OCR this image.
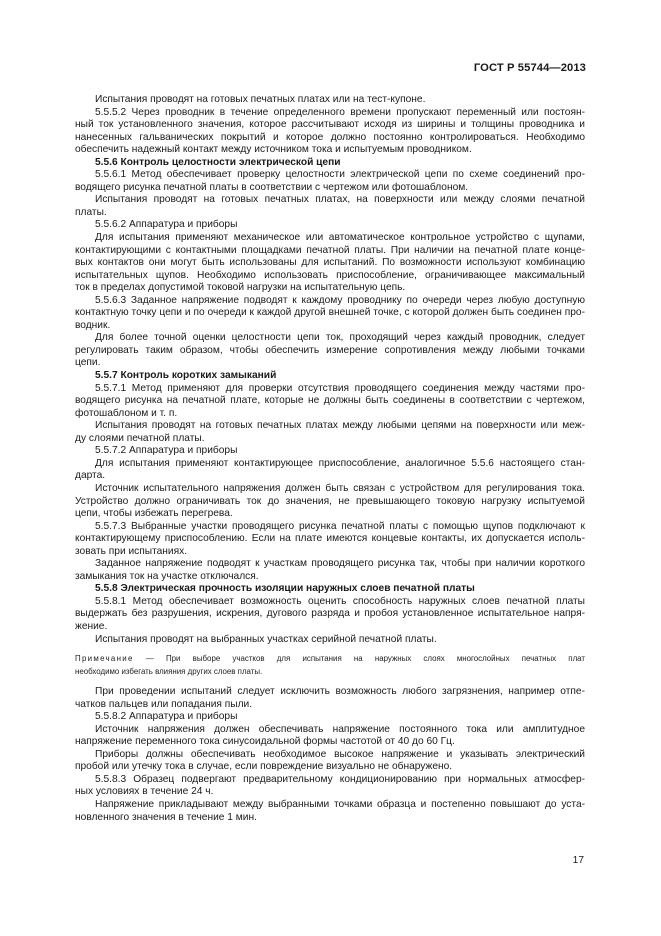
ГОСТ Р 55744—2013
Испытания проводят на готовых печатных платах или на тест-купоне.
5.5.5.2 Через проводник в течение определенного времени пропускают переменный или постоян-
ный ток установленного значения, которое рассчитывают исходя из ширины и толщины проводника и
нанесенных гальванических покрытий и которое должно постоянно контролироваться. Необходимо
обеспечить надежный контакт между источником тока и испытуемым проводником.
5.5.6 Контроль целостности электрической цепи
5.5.6.1 Метод обеспечивает проверку целостности электрической цепи по схеме соединений про-
водящего рисунка печатной платы в соответствии с чертежом или фотошаблоном.
Испытания проводят на готовых печатных платах, на поверхности или между слоями печатной
платы.
5.5.6.2 Аппаратура и приборы
Для испытания применяют механическое или автоматическое контрольное устройство с щупами,
контактирующими с контактными площадками печатной платы. При наличии на печатной плате конце-
вых контактов они могут быть использованы для испытаний. По возможности используют комбинацию
испытательных щупов. Необходимо использовать приспособление, ограничивающее максимальный
ток в пределах допустимой токовой нагрузки на испытательную цепь.
5.5.6.3 Заданное напряжение подводят к каждому проводнику по очереди через любую доступную
контактную точку цепи и по очереди к каждой другой внешней точке, с которой должен быть соединен про-
водник.
Для более точной оценки целостности цепи ток, проходящий через каждый проводник, следует
регулировать таким образом, чтобы обеспечить измерение сопротивления между любыми точками
цепи.
5.5.7 Контроль коротких замыканий
5.5.7.1 Метод применяют для проверки отсутствия проводящего соединения между частями про-
водящего рисунка на печатной плате, которые не должны быть соединены в соответствии с чертежом,
фотошаблоном и т. п.
Испытания проводят на готовых печатных платах между любыми цепями на поверхности или меж-
ду слоями печатной платы.
5.5.7.2 Аппаратура и приборы
Для испытания применяют контактирующее приспособление, аналогичное 5.5.6 настоящего стан-
дарта.
Источник испытательного напряжения должен быть связан с устройством для регулирования тока.
Устройство должно ограничивать ток до значения, не превышающего токовую нагрузку испытуемой
цепи, чтобы избежать перегрева.
5.5.7.3 Выбранные участки проводящего рисунка печатной платы с помощью щупов подключают к
контактирующему приспособлению. Если на плате имеются концевые контакты, их допускается исполь-
зовать при испытаниях.
Заданное напряжение подводят к участкам проводящего рисунка так, чтобы при наличии короткого
замыкания ток на участке отключался.
5.5.8 Электрическая прочность изоляции наружных слоев печатной платы
5.5.8.1 Метод обеспечивает возможность оценить способность наружных слоев печатной платы
выдержать без разрушения, искрения, дугового разряда и пробоя установленное испытательное напря-
жение.
Испытания проводят на выбранных участках серийной печатной платы.
Примечание — При выборе участков для испытания на наружных слоях многослойных печатных плат
необходимо избегать влияния других слоев платы.
При проведении испытаний следует исключить возможность любого загрязнения, например отпе-
чатков пальцев или попадания пыли.
5.5.8.2 Аппаратура и приборы
Источник напряжения должен обеспечивать напряжение постоянного тока или амплитудное
напряжение переменного тока синусоидальной формы частотой от 40 до 60 Гц.
Приборы должны обеспечивать необходимое высокое напряжение и указывать электрический
пробой или утечку тока в случае, если повреждение визуально не обнаружено.
5.5.8.3 Образец подвергают предварительному кондиционированию при нормальных атмосфер-
ных условиях в течение 24 ч.
Напряжение прикладывают между выбранными точками образца и постепенно повышают до уста-
новленного значения в течение 1 мин.
17
